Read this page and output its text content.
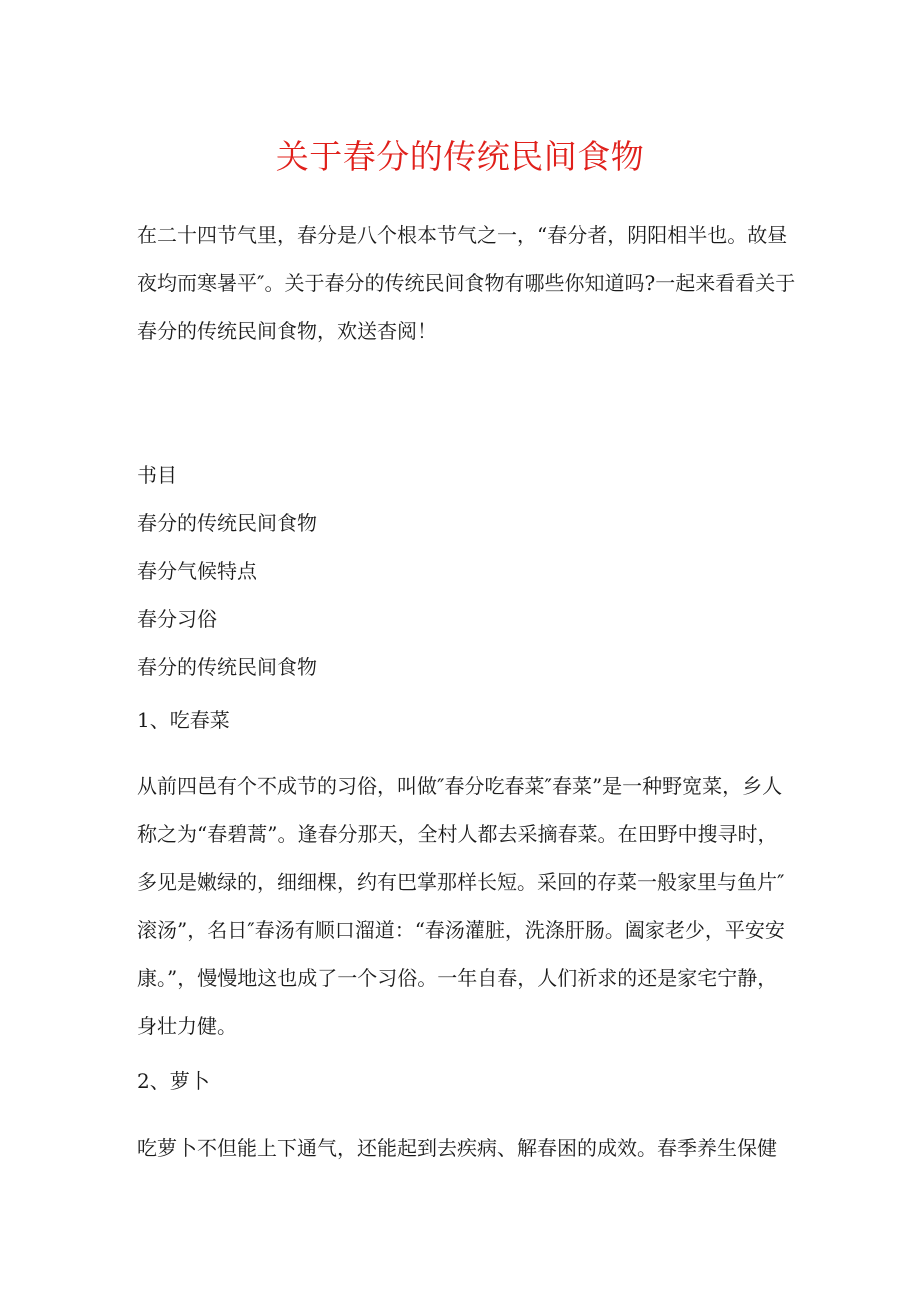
关于春分的传统民间食物

在二十四节气里，春分是八个根本节气之一，“春分者，阴阳相半也。故昼夜均而寒暑平″。关于春分的传统民间食物有哪些你知道吗?一起来看看关于春分的传统民间食物，欢送杳阅！

书目
春分的传统民间食物
春分气候特点
春分习俗
春分的传统民间食物
1、吃春菜

从前四邑有个不成节的习俗，叫做″春分吃春菜″春菜”是一种野宽菜，乡人称之为“春碧蒿”。逢春分那天，全村人都去采摘春菜。在田野中搜寻时，多见是嫩绿的，细细棵，约有巴掌那样长短。采回的存菜一般家里与鱼片″滚汤”，名日″春汤有顺口溜道：“春汤灌脏，洗涤肝肠。阖家老少，平安安康。”，慢慢地这也成了一个习俗。一年自春，人们祈求的还是家宅宁静，身壮力健。

2、萝卜

吃萝卜不但能上下通气，还能起到去疾病、解春困的成效。春季养生保健
